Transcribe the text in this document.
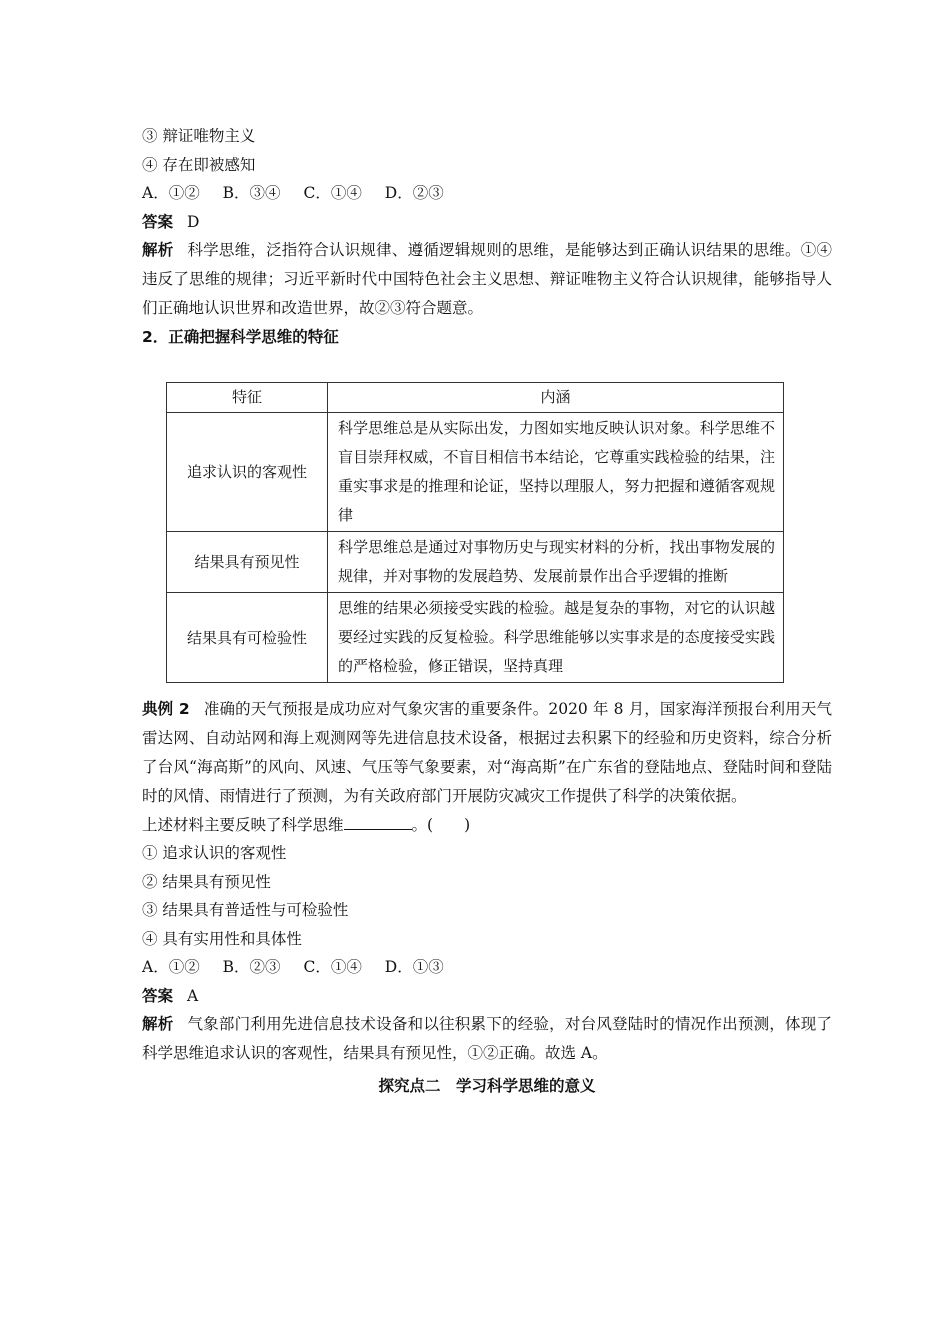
③ 辩证唯物主义

④ 存在即被感知

A．①② B．③④ C．①④ D．②③

答案 D

解析 科学思维，泛指符合认识规律、遵循逻辑规则的思维，是能够达到正确认识结果的思维。①④违反了思维的规律；习近平新时代中国特色社会主义思想、辩证唯物主义符合认识规律，能够指导人们正确地认识世界和改造世界，故②③符合题意。

2．正确把握科学思维的特征

特征	内涵
追求认识的客观性	科学思维总是从实际出发，力图如实地反映认识对象。科学思维不盲目崇拜权威，不盲目相信书本结论，它尊重实践检验的结果，注重实事求是的推理和论证，坚持以理服人，努力把握和遵循客观规律
结果具有预见性	科学思维总是通过对事物历史与现实材料的分析，找出事物发展的规律，并对事物的发展趋势、发展前景作出合乎逻辑的推断
结果具有可检验性	思维的结果必须接受实践的检验。越是复杂的事物，对它的认识越要经过实践的反复检验。科学思维能够以实事求是的态度接受实践的严格检验，修正错误，坚持真理

典例 2 准确的天气预报是成功应对气象灾害的重要条件。2020 年 8 月，国家海洋预报台利用天气雷达网、自动站网和海上观测网等先进信息技术设备，根据过去积累下的经验和历史资料，综合分析了台风“海高斯”的风向、风速、气压等气象要素，对“海高斯”在广东省的登陆地点、登陆时间和登陆时的风情、雨情进行了预测，为有关政府部门开展防灾减灾工作提供了科学的决策依据。

上述材料主要反映了科学思维	。(　　)

① 追求认识的客观性

② 结果具有预见性

③ 结果具有普适性与可检验性

④ 具有实用性和具体性

A．①② B．②③ C．①④ D．①③

答案 A

解析 气象部门利用先进信息技术设备和以往积累下的经验，对台风登陆时的情况作出预测，体现了科学思维追求认识的客观性，结果具有预见性，①②正确。故选 A。

探究点二　学习科学思维的意义
